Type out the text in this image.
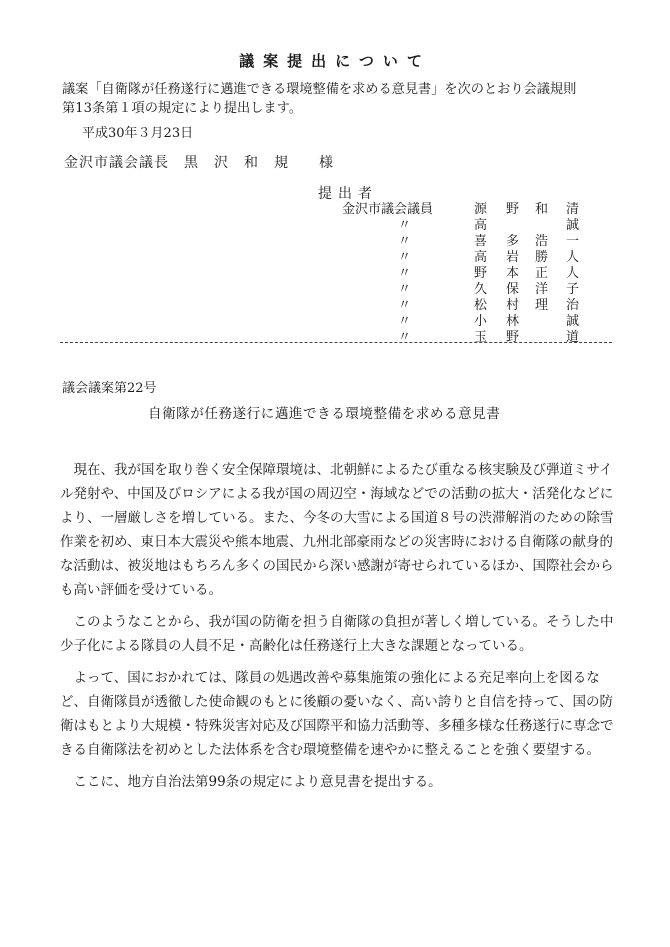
議案提出について
議案「自衛隊が任務遂行に邁進できる環境整備を求める意見書」を次のとおり会議規則
第13条第１項の規定により提出します。
平成30年３月23日
金沢市議会議長　黒　沢　和　規　　様
提出者
金沢市議会議員	源 野 和 清
〃	高	誠
〃	喜 多 浩 一
〃	高 岩 勝 人
〃	野 本 正 人
〃	久 保 洋 子
〃	松 村 理 治
〃	小 林	誠
〃	玉 野	道
議会議案第22号
自衛隊が任務遂行に邁進できる環境整備を求める意見書
現在、我が国を取り巻く安全保障環境は、北朝鮮によるたび重なる核実験及び弾道ミサイル発射や、中国及びロシアによる我が国の周辺空・海域などでの活動の拡大・活発化などにより、一層厳しさを増している。また、今冬の大雪による国道８号の渋滞解消のための除雪作業を初め、東日本大震災や熊本地震、九州北部豪雨などの災害時における自衛隊の献身的な活動は、被災地はもちろん多くの国民から深い感謝が寄せられているほか、国際社会からも高い評価を受けている。
このようなことから、我が国の防衛を担う自衛隊の負担が著しく増している。そうした中少子化による隊員の人員不足・高齢化は任務遂行上大きな課題となっている。
よって、国におかれては、隊員の処遇改善や募集施策の強化による充足率向上を図るなど、自衛隊員が透徹した使命観のもとに後顧の憂いなく、高い誇りと自信を持って、国の防衛はもとより大規模・特殊災害対応及び国際平和協力活動等、多種多様な任務遂行に専念できる自衛隊法を初めとした法体系を含む環境整備を速やかに整えることを強く要望する。
ここに、地方自治法第99条の規定により意見書を提出する。
